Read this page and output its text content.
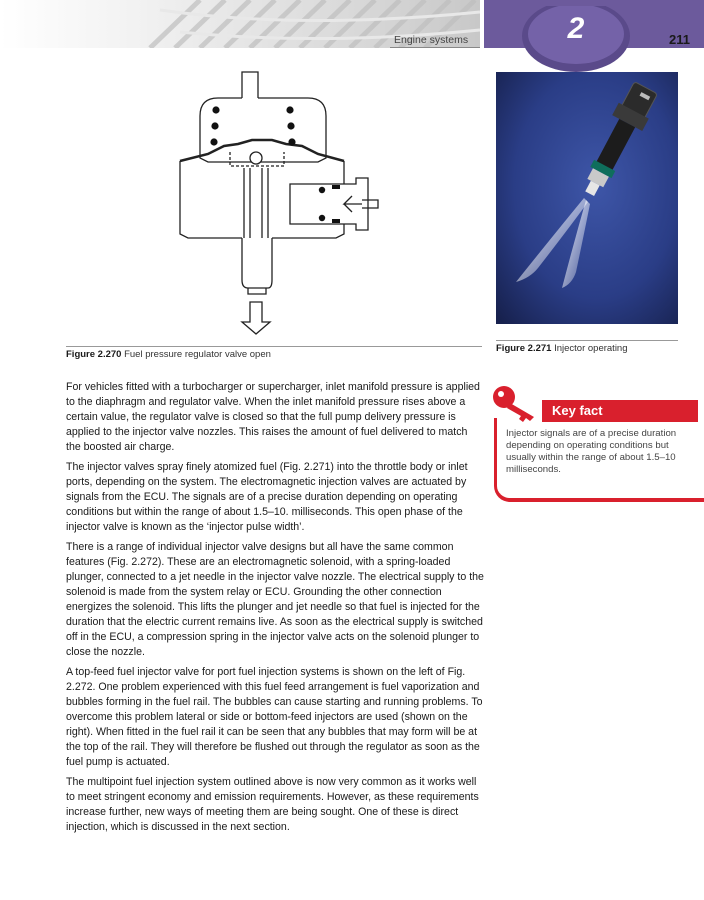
Engine systems	2	211
Figure 2.270 Fuel pressure regulator valve open
Figure 2.271 Injector operating

For vehicles fitted with a turbocharger or supercharger, inlet manifold pressure is applied to the diaphragm and regulator valve. When the inlet manifold pressure rises above a certain value, the regulator valve is closed so that the full pump delivery pressure is applied to the injector valve nozzles. This raises the amount of fuel delivered to match the boosted air charge.

The injector valves spray finely atomized fuel (Fig. 2.271) into the throttle body or inlet ports, depending on the system. The electromagnetic injection valves are actuated by signals from the ECU. The signals are of a precise duration depending on operating conditions but within the range of about 1.5–10. milliseconds. This open phase of the injector valve is known as the ‘injector pulse width’.

There is a range of individual injector valve designs but all have the same common features (Fig. 2.272). These are an electromagnetic solenoid, with a spring-loaded plunger, connected to a jet needle in the injector valve nozzle. The electrical supply to the solenoid is made from the system relay or ECU. Grounding the other connection energizes the solenoid. This lifts the plunger and jet needle so that fuel is injected for the duration that the electric current remains live. As soon as the electrical supply is switched off in the ECU, a compression spring in the injector valve acts on the solenoid plunger to close the nozzle.

A top-feed fuel injector valve for port fuel injection systems is shown on the left of Fig. 2.272. One problem experienced with this fuel feed arrangement is fuel vaporization and bubbles forming in the fuel rail. The bubbles can cause starting and running problems. To overcome this problem lateral or side or bottom-feed injectors are used (shown on the right). When fitted in the fuel rail it can be seen that any bubbles that may form will be at the top of the rail. They will therefore be flushed out through the regulator as soon as the fuel pump is actuated.

The multipoint fuel injection system outlined above is now very common as it works well to meet stringent economy and emission requirements. However, as these requirements increase further, new ways of meeting them are being sought. One of these is direct injection, which is discussed in the next section.

Key fact
Injector signals are of a precise duration depending on operating conditions but usually within the range of about 1.5–10 milliseconds.
